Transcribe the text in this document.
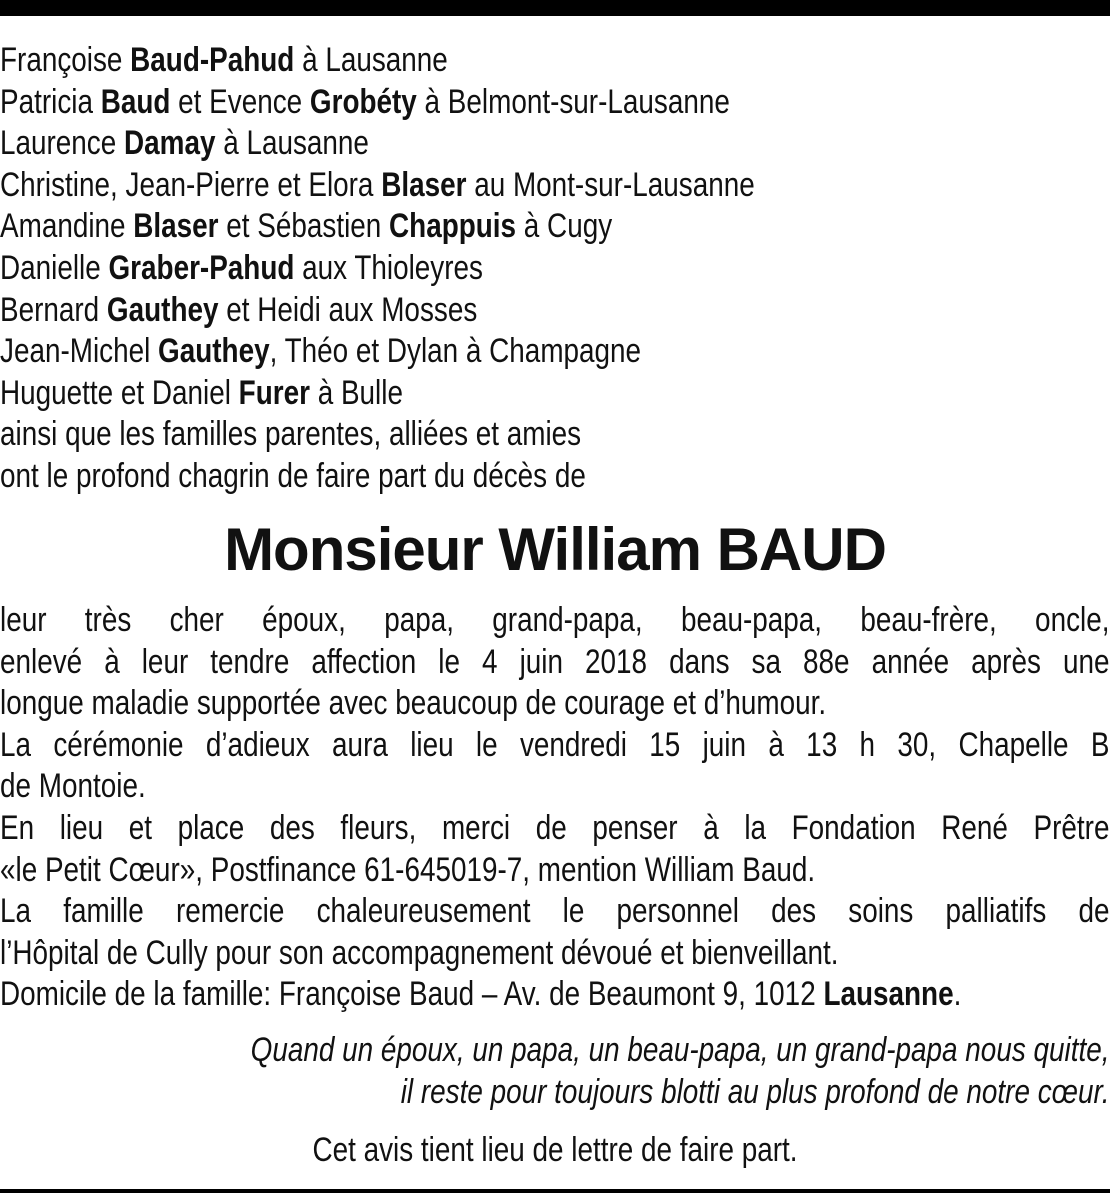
Françoise Baud-Pahud à Lausanne
Patricia Baud et Evence Grobéty à Belmont-sur-Lausanne
Laurence Damay à Lausanne
Christine, Jean-Pierre et Elora Blaser au Mont-sur-Lausanne
Amandine Blaser et Sébastien Chappuis à Cugy
Danielle Graber-Pahud aux Thioleyres
Bernard Gauthey et Heidi aux Mosses
Jean-Michel Gauthey, Théo et Dylan à Champagne
Huguette et Daniel Furer à Bulle
ainsi que les familles parentes, alliées et amies
ont le profond chagrin de faire part du décès de
Monsieur William BAUD
leur très cher époux, papa, grand-papa, beau-papa, beau-frère, oncle,
enlevé à leur tendre affection le 4 juin 2018 dans sa 88e année après une
longue maladie supportée avec beaucoup de courage et d’humour.
La cérémonie d’adieux aura lieu le vendredi 15 juin à 13 h 30, Chapelle B
de Montoie.
En lieu et place des fleurs, merci de penser à la Fondation René Prêtre
«le Petit Cœur», Postfinance 61-645019-7, mention William Baud.
La famille remercie chaleureusement le personnel des soins palliatifs de
l’Hôpital de Cully pour son accompagnement dévoué et bienveillant.
Domicile de la famille: Françoise Baud – Av. de Beaumont 9, 1012 Lausanne.
Quand un époux, un papa, un beau-papa, un grand-papa nous quitte,
il reste pour toujours blotti au plus profond de notre cœur.
Cet avis tient lieu de lettre de faire part.
